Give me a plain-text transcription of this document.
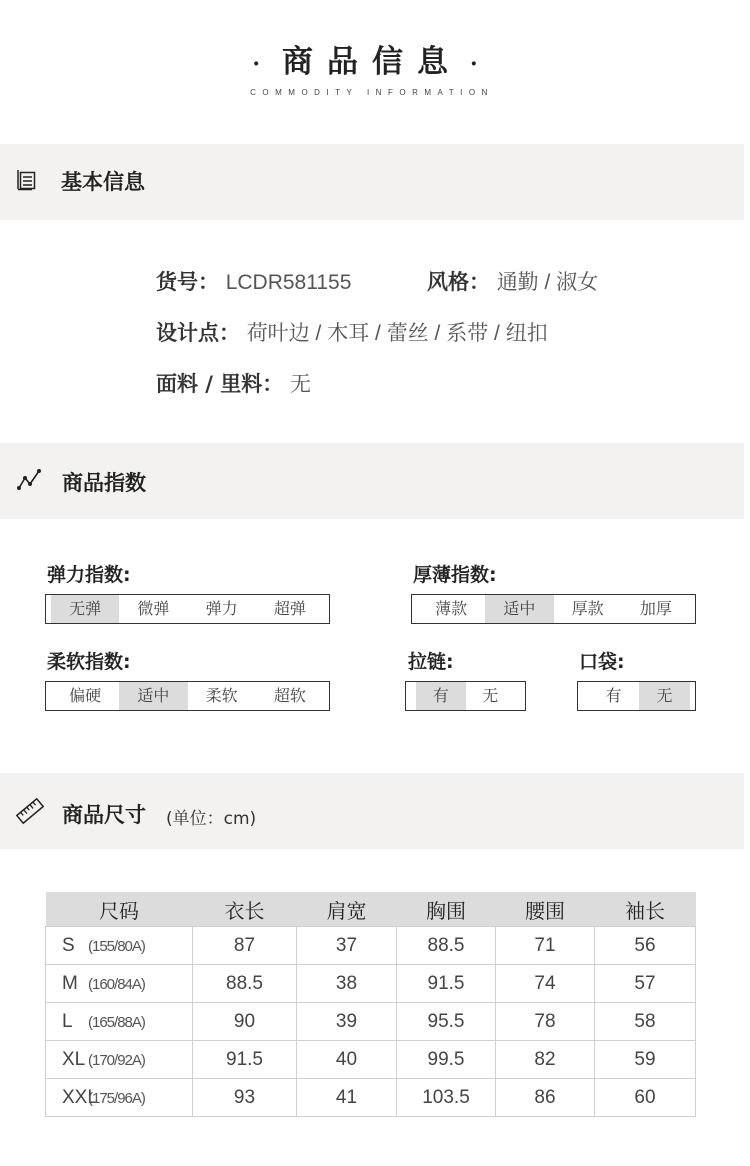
· 商品信息 ·
COMMODITY INFORMATION
基本信息
货号： LCDR581155	风格： 通勤 / 淑女
设计点： 荷叶边 / 木耳 / 蕾丝 / 系带 / 纽扣
面料 / 里料： 无
商品指数
弹力指数:
无弹	微弹	弹力	超弹
厚薄指数:
薄款	适中	厚款	加厚
柔软指数:
偏硬	适中	柔软	超软
拉链:
有	无
口袋:
有	无
商品尺寸 (单位：cm)
尺码	衣长	肩宽	胸围	腰围	袖长
S (155/80A)	87	37	88.5	71	56
M (160/84A)	88.5	38	91.5	74	57
L (165/88A)	90	39	95.5	78	58
XL (170/92A)	91.5	40	99.5	82	59
XXL(175/96A)	93	41	103.5	86	60
